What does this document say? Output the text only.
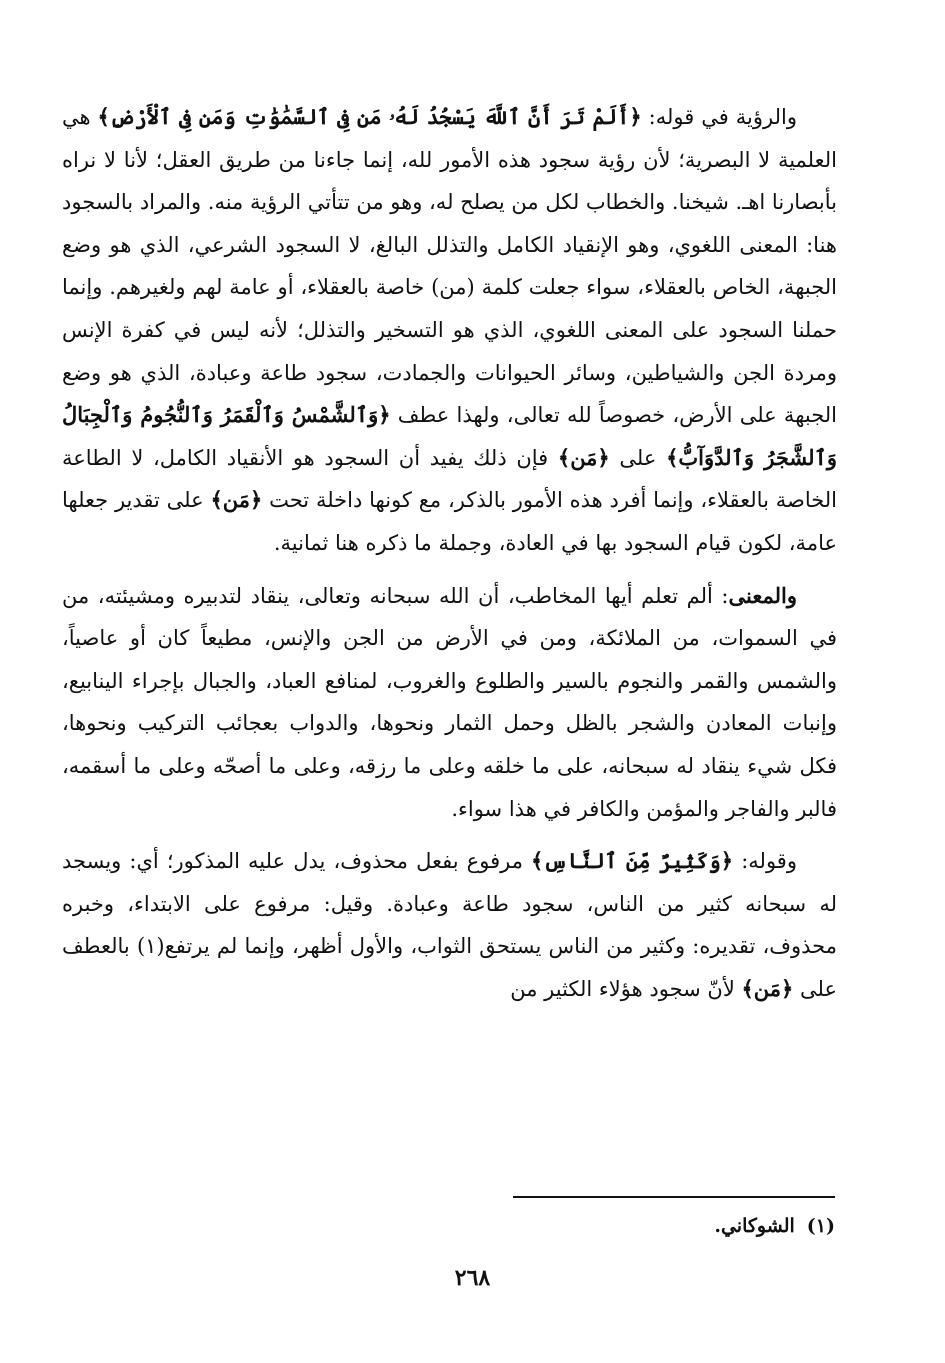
والرؤية في قوله: ﴿أَلَمْ تَرَ أَنَّ ٱللَّهَ يَسْجُدُ لَهُۥ مَن فِى ٱلسَّمَٰوَٰتِ وَمَن فِى ٱلْأَرْضِ﴾ هي العلمية لا البصرية؛ لأن رؤية سجود هذه الأمور لله، إنما جاءنا من طريق العقل؛ لأنا لا نراه بأبصارنا اهـ. شيخنا. والخطاب لكل من يصلح له، وهو من تتأتي الرؤية منه. والمراد بالسجود هنا: المعنى اللغوي، وهو الإنقياد الكامل والتذلل البالغ، لا السجود الشرعي، الذي هو وضع الجبهة، الخاص بالعقلاء، سواء جعلت كلمة (من) خاصة بالعقلاء، أو عامة لهم ولغيرهم. وإنما حملنا السجود على المعنى اللغوي، الذي هو التسخير والتذلل؛ لأنه ليس في كفرة الإنس ومردة الجن والشياطين، وسائر الحيوانات والجمادت، سجود طاعة وعبادة، الذي هو وضع الجبهة على الأرض، خصوصاً لله تعالى، ولهذا عطف ﴿وَٱلشَّمْسُ وَٱلْقَمَرُ وَٱلنُّجُومُ وَٱلْجِبَالُ وَٱلشَّجَرُ وَٱلدَّوَآبُّ﴾ على ﴿مَن﴾ فإن ذلك يفيد أن السجود هو الأنقياد الكامل، لا الطاعة الخاصة بالعقلاء، وإنما أفرد هذه الأمور بالذكر، مع كونها داخلة تحت ﴿مَن﴾ على تقدير جعلها عامة، لكون قيام السجود بها في العادة، وجملة ما ذكره هنا ثمانية.

والمعنى: ألم تعلم أيها المخاطب، أن الله سبحانه وتعالى، ينقاد لتدبيره ومشيئته، من في السموات، من الملائكة، ومن في الأرض من الجن والإنس، مطيعاً كان أو عاصياً، والشمس والقمر والنجوم بالسير والطلوع والغروب، لمنافع العباد، والجبال بإجراء الينابيع، وإنبات المعادن والشجر بالظل وحمل الثمار ونحوها، والدواب بعجائب التركيب ونحوها، فكل شيء ينقاد له سبحانه، على ما خلقه وعلى ما رزقه، وعلى ما أصحّه وعلى ما أسقمه، فالبر والفاجر والمؤمن والكافر في هذا سواء.

وقوله: ﴿وَكَثِيرٌ مِّنَ ٱلنَّاسِ﴾ مرفوع بفعل محذوف، يدل عليه المذكور؛ أي: ويسجد له سبحانه كثير من الناس، سجود طاعة وعبادة. وقيل: مرفوع على الابتداء، وخبره محذوف، تقديره: وكثير من الناس يستحق الثواب، والأول أظهر، وإنما لم يرتفع(١) بالعطف على ﴿مَن﴾ لأنّ سجود هؤلاء الكثير من

(١)الشوكاني.
٢٦٨
